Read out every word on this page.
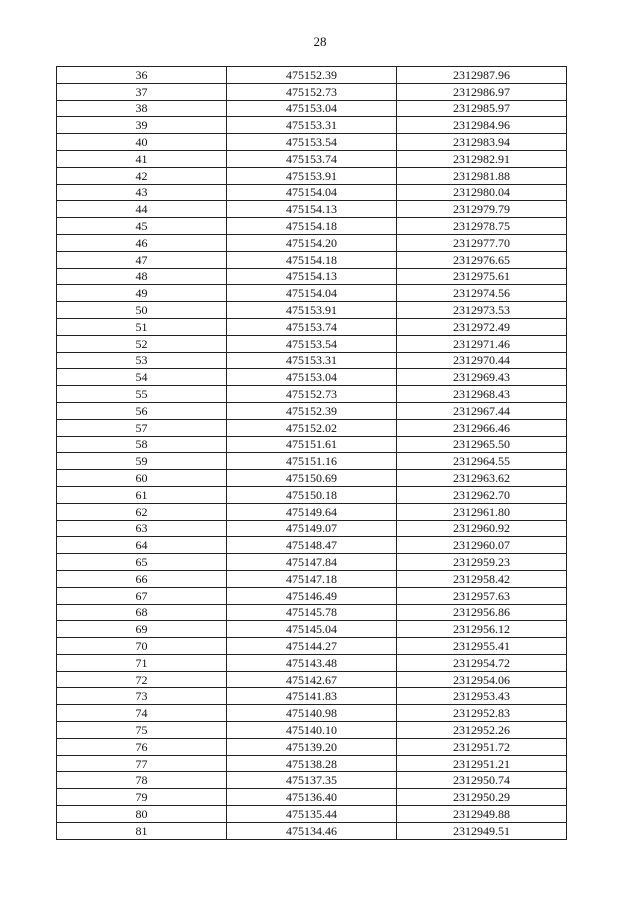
28
36	475152.39	2312987.96
37	475152.73	2312986.97
38	475153.04	2312985.97
39	475153.31	2312984.96
40	475153.54	2312983.94
41	475153.74	2312982.91
42	475153.91	2312981.88
43	475154.04	2312980.04
44	475154.13	2312979.79
45	475154.18	2312978.75
46	475154.20	2312977.70
47	475154.18	2312976.65
48	475154.13	2312975.61
49	475154.04	2312974.56
50	475153.91	2312973.53
51	475153.74	2312972.49
52	475153.54	2312971.46
53	475153.31	2312970.44
54	475153.04	2312969.43
55	475152.73	2312968.43
56	475152.39	2312967.44
57	475152.02	2312966.46
58	475151.61	2312965.50
59	475151.16	2312964.55
60	475150.69	2312963.62
61	475150.18	2312962.70
62	475149.64	2312961.80
63	475149.07	2312960.92
64	475148.47	2312960.07
65	475147.84	2312959.23
66	475147.18	2312958.42
67	475146.49	2312957.63
68	475145.78	2312956.86
69	475145.04	2312956.12
70	475144.27	2312955.41
71	475143.48	2312954.72
72	475142.67	2312954.06
73	475141.83	2312953.43
74	475140.98	2312952.83
75	475140.10	2312952.26
76	475139.20	2312951.72
77	475138.28	2312951.21
78	475137.35	2312950.74
79	475136.40	2312950.29
80	475135.44	2312949.88
81	475134.46	2312949.51
